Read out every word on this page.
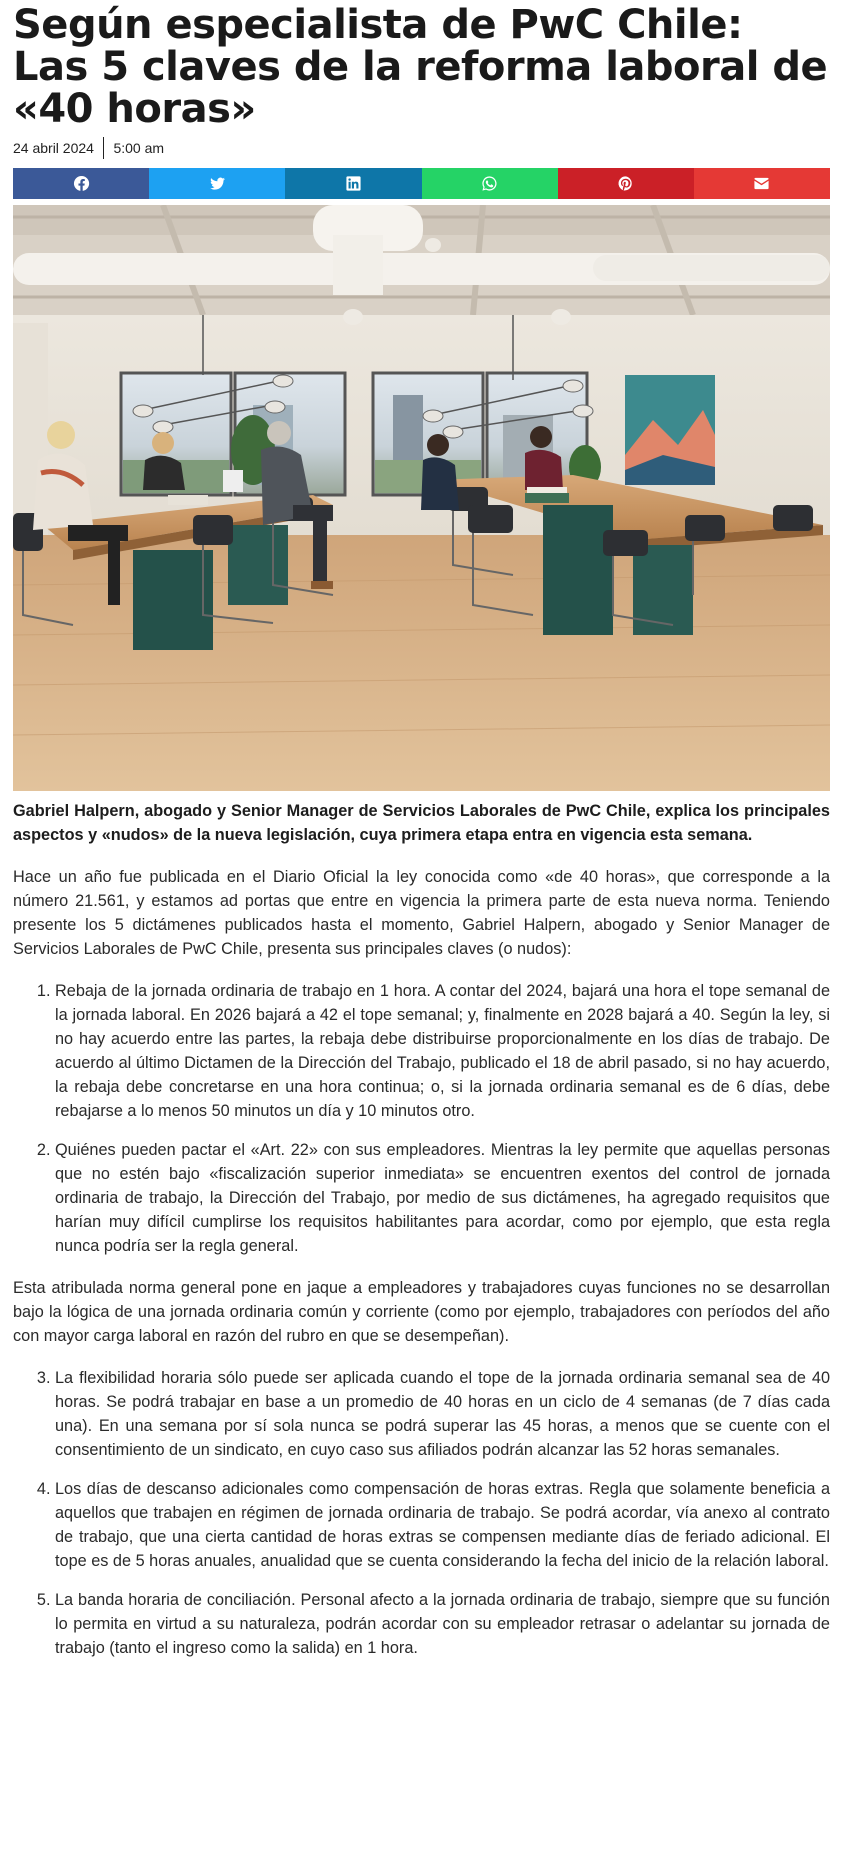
Según especialista de PwC Chile: Las 5 claves de la reforma laboral de «40 horas»
24 abril 2024 5:00 am

Gabriel Halpern, abogado y Senior Manager de Servicios Laborales de PwC Chile, explica los principales aspectos y «nudos» de la nueva legislación, cuya primera etapa entra en vigencia esta semana.

Hace un año fue publicada en el Diario Oficial la ley conocida como «de 40 horas», que corresponde a la número 21.561, y estamos ad portas que entre en vigencia la primera parte de esta nueva norma. Teniendo presente los 5 dictámenes publicados hasta el momento, Gabriel Halpern, abogado y Senior Manager de Servicios Laborales de PwC Chile, presenta sus principales claves (o nudos):

1. Rebaja de la jornada ordinaria de trabajo en 1 hora. A contar del 2024, bajará una hora el tope semanal de la jornada laboral. En 2026 bajará a 42 el tope semanal; y, finalmente en 2028 bajará a 40. Según la ley, si no hay acuerdo entre las partes, la rebaja debe distribuirse proporcionalmente en los días de trabajo. De acuerdo al último Dictamen de la Dirección del Trabajo, publicado el 18 de abril pasado, si no hay acuerdo, la rebaja debe concretarse en una hora continua; o, si la jornada ordinaria semanal es de 6 días, debe rebajarse a lo menos 50 minutos un día y 10 minutos otro.
2. Quiénes pueden pactar el «Art. 22» con sus empleadores. Mientras la ley permite que aquellas personas que no estén bajo «fiscalización superior inmediata» se encuentren exentos del control de jornada ordinaria de trabajo, la Dirección del Trabajo, por medio de sus dictámenes, ha agregado requisitos que harían muy difícil cumplirse los requisitos habilitantes para acordar, como por ejemplo, que esta regla nunca podría ser la regla general.

Esta atribulada norma general pone en jaque a empleadores y trabajadores cuyas funciones no se desarrollan bajo la lógica de una jornada ordinaria común y corriente (como por ejemplo, trabajadores con períodos del año con mayor carga laboral en razón del rubro en que se desempeñan).

3. La flexibilidad horaria sólo puede ser aplicada cuando el tope de la jornada ordinaria semanal sea de 40 horas. Se podrá trabajar en base a un promedio de 40 horas en un ciclo de 4 semanas (de 7 días cada una). En una semana por sí sola nunca se podrá superar las 45 horas, a menos que se cuente con el consentimiento de un sindicato, en cuyo caso sus afiliados podrán alcanzar las 52 horas semanales.
4. Los días de descanso adicionales como compensación de horas extras. Regla que solamente beneficia a aquellos que trabajen en régimen de jornada ordinaria de trabajo. Se podrá acordar, vía anexo al contrato de trabajo, que una cierta cantidad de horas extras se compensen mediante días de feriado adicional. El tope es de 5 horas anuales, anualidad que se cuenta considerando la fecha del inicio de la relación laboral.
5. La banda horaria de conciliación. Personal afecto a la jornada ordinaria de trabajo, siempre que su función lo permita en virtud a su naturaleza, podrán acordar con su empleador retrasar o adelantar su jornada de trabajo (tanto el ingreso como la salida) en 1 hora.
